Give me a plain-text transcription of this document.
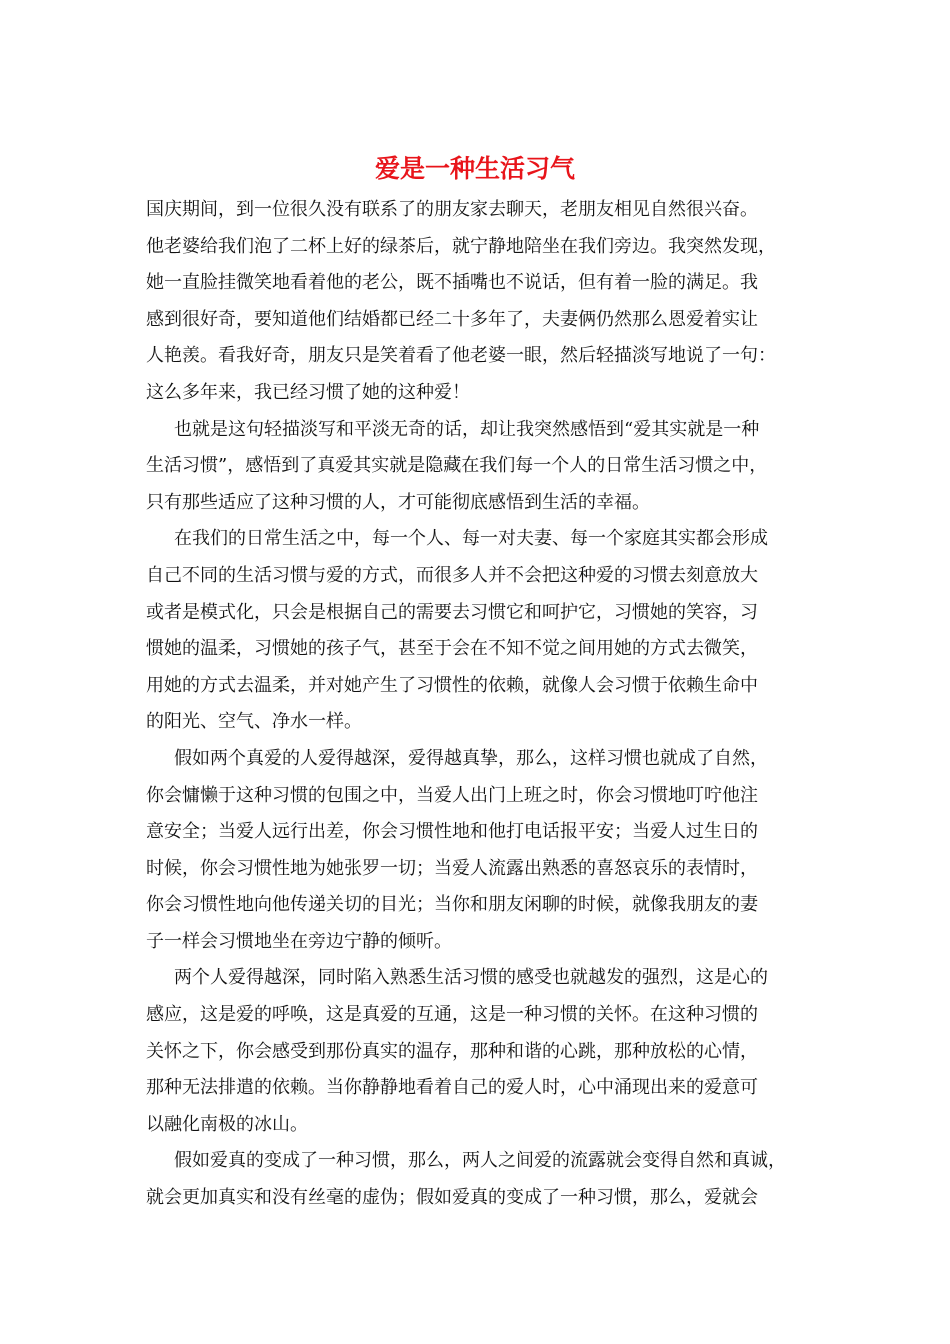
爱是一种生活习气
国庆期间，到一位很久没有联系了的朋友家去聊天，老朋友相见自然很兴奋。
他老婆给我们泡了二杯上好的绿茶后，就宁静地陪坐在我们旁边。我突然发现，
她一直脸挂微笑地看着他的老公，既不插嘴也不说话，但有着一脸的满足。我
感到很好奇，要知道他们结婚都已经二十多年了，夫妻俩仍然那么恩爱着实让
人艳羡。看我好奇，朋友只是笑着看了他老婆一眼，然后轻描淡写地说了一句：
这么多年来，我已经习惯了她的这种爱！
也就是这句轻描淡写和平淡无奇的话，却让我突然感悟到“爱其实就是一种
生活习惯”，感悟到了真爱其实就是隐藏在我们每一个人的日常生活习惯之中，
只有那些适应了这种习惯的人，才可能彻底感悟到生活的幸福。
在我们的日常生活之中，每一个人、每一对夫妻、每一个家庭其实都会形成
自己不同的生活习惯与爱的方式，而很多人并不会把这种爱的习惯去刻意放大
或者是模式化，只会是根据自己的需要去习惯它和呵护它，习惯她的笑容，习
惯她的温柔，习惯她的孩子气，甚至于会在不知不觉之间用她的方式去微笑，
用她的方式去温柔，并对她产生了习惯性的依赖，就像人会习惯于依赖生命中
的阳光、空气、净水一样。
假如两个真爱的人爱得越深，爱得越真挚，那么，这样习惯也就成了自然，
你会慵懒于这种习惯的包围之中，当爱人出门上班之时，你会习惯地叮咛他注
意安全；当爱人远行出差，你会习惯性地和他打电话报平安；当爱人过生日的
时候，你会习惯性地为她张罗一切；当爱人流露出熟悉的喜怒哀乐的表情时，
你会习惯性地向他传递关切的目光；当你和朋友闲聊的时候，就像我朋友的妻
子一样会习惯地坐在旁边宁静的倾听。
两个人爱得越深，同时陷入熟悉生活习惯的感受也就越发的强烈，这是心的
感应，这是爱的呼唤，这是真爱的互通，这是一种习惯的关怀。在这种习惯的
关怀之下，你会感受到那份真实的温存，那种和谐的心跳，那种放松的心情，
那种无法排遣的依赖。当你静静地看着自己的爱人时，心中涌现出来的爱意可
以融化南极的冰山。
假如爱真的变成了一种习惯，那么，两人之间爱的流露就会变得自然和真诚，
就会更加真实和没有丝毫的虚伪；假如爱真的变成了一种习惯，那么，爱就会
